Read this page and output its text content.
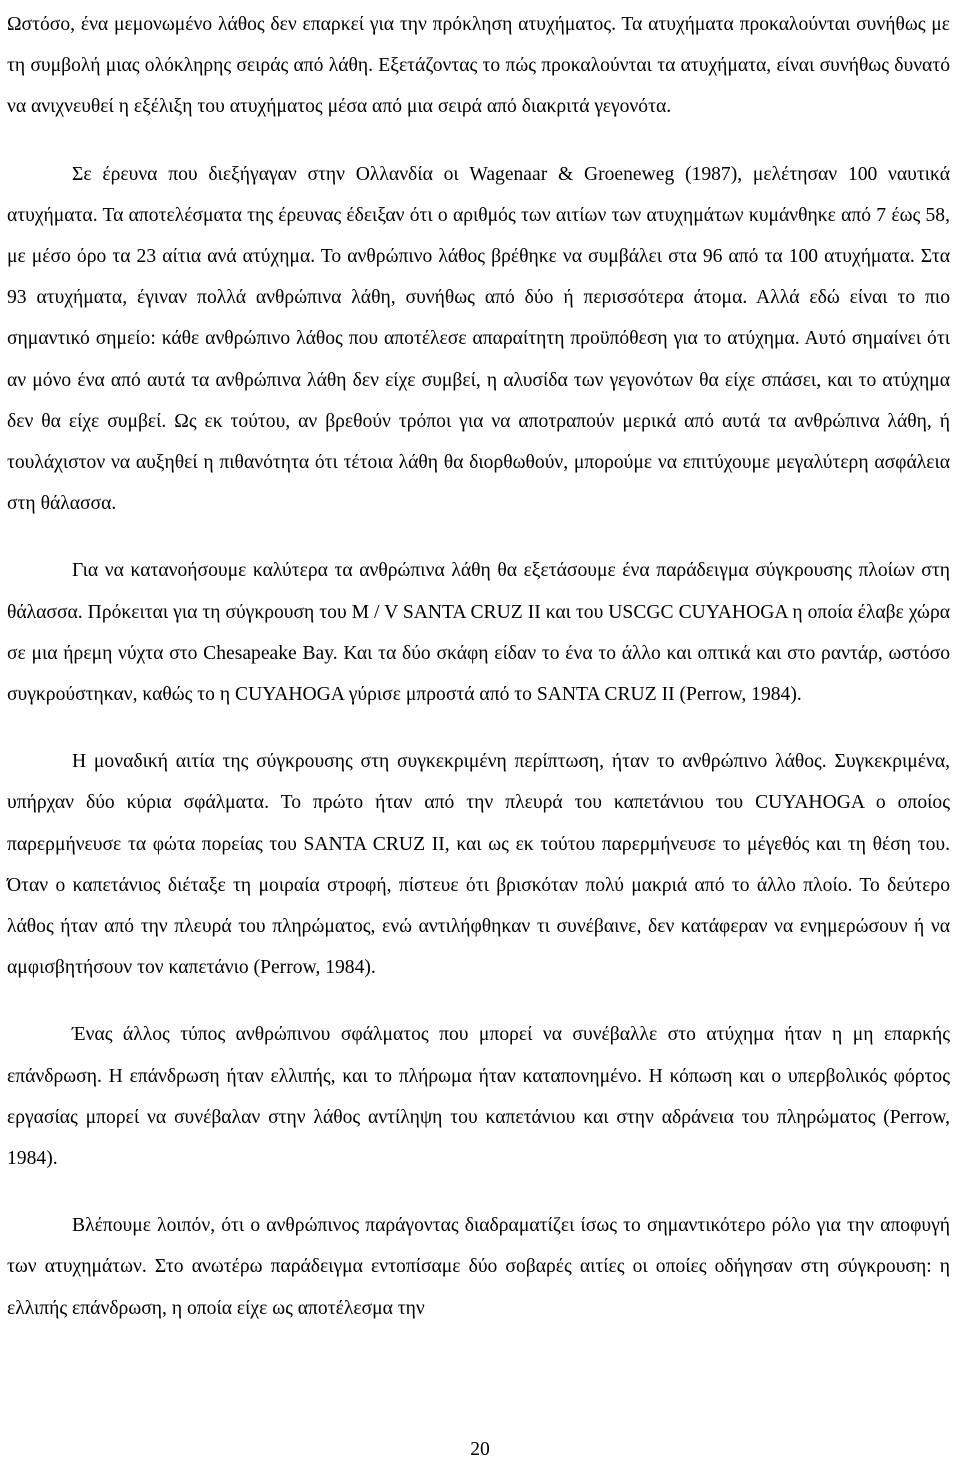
Ωστόσο, ένα μεμονωμένο λάθος δεν επαρκεί για την πρόκληση ατυχήματος. Τα ατυχήματα προκαλούνται συνήθως με τη συμβολή μιας ολόκληρης σειράς από λάθη. Εξετάζοντας το πώς προκαλούνται τα ατυχήματα, είναι συνήθως δυνατό να ανιχνευθεί η εξέλιξη του ατυχήματος μέσα από μια σειρά από διακριτά γεγονότα.

Σε έρευνα που διεξήγαγαν στην Ολλανδία οι Wagenaar & Groeneweg (1987), μελέτησαν 100 ναυτικά ατυχήματα. Τα αποτελέσματα της έρευνας έδειξαν ότι ο αριθμός των αιτίων των ατυχημάτων κυμάνθηκε από 7 έως 58, με μέσο όρο τα 23 αίτια ανά ατύχημα. Το ανθρώπινο λάθος βρέθηκε να συμβάλει στα 96 από τα 100 ατυχήματα. Στα 93 ατυχήματα, έγιναν πολλά ανθρώπινα λάθη, συνήθως από δύο ή περισσότερα άτομα. Αλλά εδώ είναι το πιο σημαντικό σημείο: κάθε ανθρώπινο λάθος που αποτέλεσε απαραίτητη προϋπόθεση για το ατύχημα. Αυτό σημαίνει ότι αν μόνο ένα από αυτά τα ανθρώπινα λάθη δεν είχε συμβεί, η αλυσίδα των γεγονότων θα είχε σπάσει, και το ατύχημα δεν θα είχε συμβεί. Ως εκ τούτου, αν βρεθούν τρόποι για να αποτραπούν μερικά από αυτά τα ανθρώπινα λάθη, ή τουλάχιστον να αυξηθεί η πιθανότητα ότι τέτοια λάθη θα διορθωθούν, μπορούμε να επιτύχουμε μεγαλύτερη ασφάλεια στη θάλασσα.

Για να κατανοήσουμε καλύτερα τα ανθρώπινα λάθη θα εξετάσουμε ένα παράδειγμα σύγκρουσης πλοίων στη θάλασσα. Πρόκειται για τη σύγκρουση του M / V SANTA CRUZ II και του USCGC CUYAHOGA η οποία έλαβε χώρα σε μια ήρεμη νύχτα στο Chesapeake Bay. Και τα δύο σκάφη είδαν το ένα το άλλο και οπτικά και στο ραντάρ, ωστόσο συγκρούστηκαν, καθώς το η CUYAHOGA γύρισε μπροστά από το SANTA CRUZ II (Perrow, 1984).

Η μοναδική αιτία της σύγκρουσης στη συγκεκριμένη περίπτωση, ήταν το ανθρώπινο λάθος. Συγκεκριμένα, υπήρχαν δύο κύρια σφάλματα. Το πρώτο ήταν από την πλευρά του καπετάνιου του CUYAHOGA ο οποίος παρερμήνευσε τα φώτα πορείας του SANTA CRUZ II, και ως εκ τούτου παρερμήνευσε το μέγεθός και τη θέση του. Όταν ο καπετάνιος διέταξε τη μοιραία στροφή, πίστευε ότι βρισκόταν πολύ μακριά από το άλλο πλοίο. Το δεύτερο λάθος ήταν από την πλευρά του πληρώματος, ενώ αντιλήφθηκαν τι συνέβαινε, δεν κατάφεραν να ενημερώσουν ή να αμφισβητήσουν τον καπετάνιο (Perrow, 1984).

Ένας άλλος τύπος ανθρώπινου σφάλματος που μπορεί να συνέβαλλε στο ατύχημα ήταν η μη επαρκής επάνδρωση. Η επάνδρωση ήταν ελλιπής, και το πλήρωμα ήταν καταπονημένο. Η κόπωση και ο υπερβολικός φόρτος εργασίας μπορεί να συνέβαλαν στην λάθος αντίληψη του καπετάνιου και στην αδράνεια του πληρώματος (Perrow, 1984).

Βλέπουμε λοιπόν, ότι ο ανθρώπινος παράγοντας διαδραματίζει ίσως το σημαντικότερο ρόλο για την αποφυγή των ατυχημάτων. Στο ανωτέρω παράδειγμα εντοπίσαμε δύο σοβαρές αιτίες οι οποίες οδήγησαν στη σύγκρουση: η ελλιπής επάνδρωση, η οποία είχε ως αποτέλεσμα την

20
